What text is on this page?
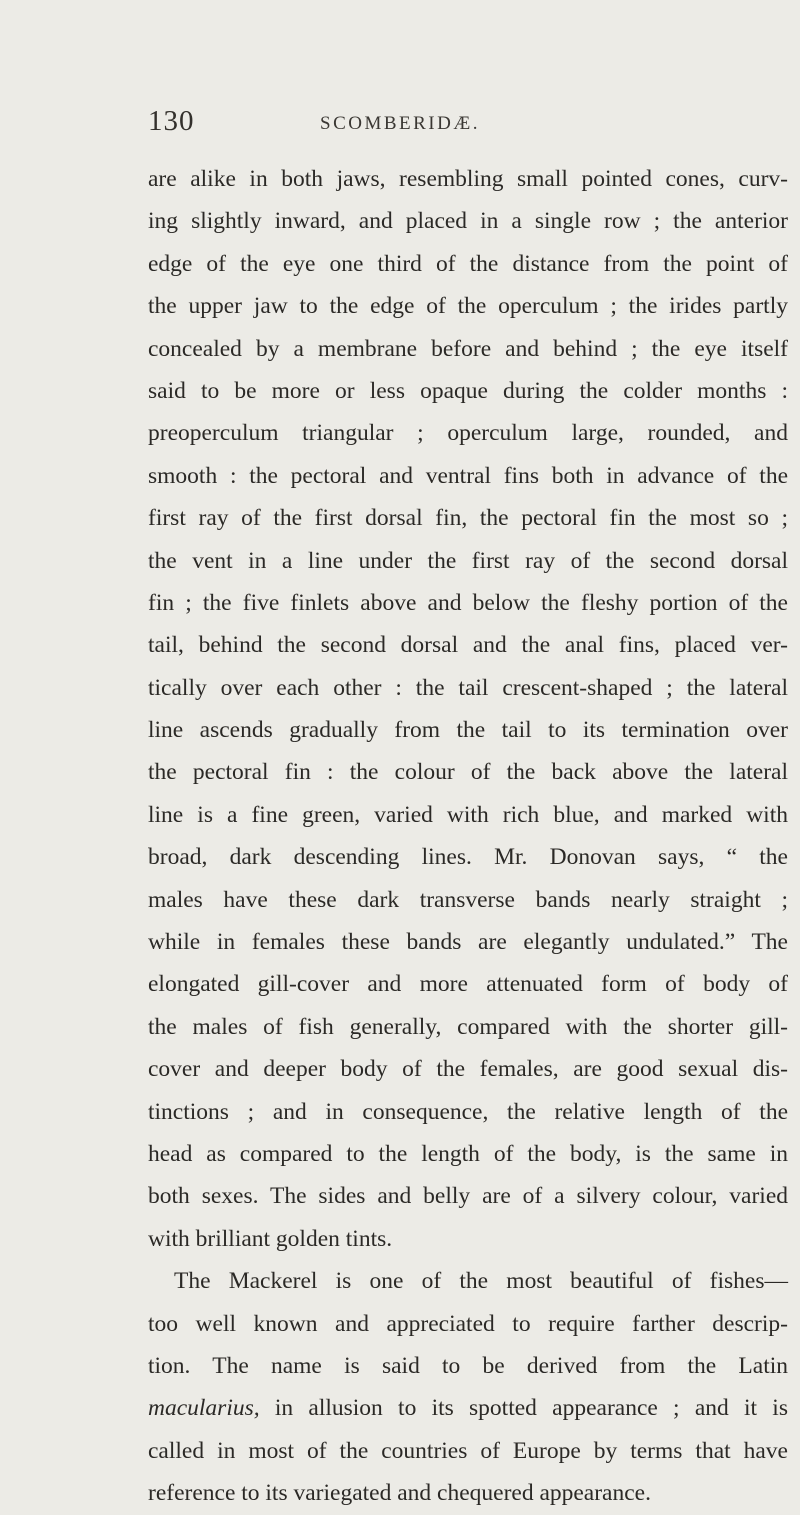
130	SCOMBERIDÆ.
are alike in both jaws, resembling small pointed cones, curv-
ing slightly inward, and placed in a single row ; the anterior
edge of the eye one third of the distance from the point of
the upper jaw to the edge of the operculum ; the irides partly
concealed by a membrane before and behind ; the eye itself
said to be more or less opaque during the colder months :
preoperculum triangular ; operculum large, rounded, and
smooth : the pectoral and ventral fins both in advance of the
first ray of the first dorsal fin, the pectoral fin the most so ;
the vent in a line under the first ray of the second dorsal
fin ; the five finlets above and below the fleshy portion of the
tail, behind the second dorsal and the anal fins, placed ver-
tically over each other : the tail crescent-shaped ; the lateral
line ascends gradually from the tail to its termination over
the pectoral fin : the colour of the back above the lateral
line is a fine green, varied with rich blue, and marked with
broad, dark descending lines. Mr. Donovan says, “ the
males have these dark transverse bands nearly straight ;
while in females these bands are elegantly undulated.” The
elongated gill-cover and more attenuated form of body of
the males of fish generally, compared with the shorter gill-
cover and deeper body of the females, are good sexual dis-
tinctions ; and in consequence, the relative length of the
head as compared to the length of the body, is the same in
both sexes. The sides and belly are of a silvery colour, varied
with brilliant golden tints.
The Mackerel is one of the most beautiful of fishes—
too well known and appreciated to require farther descrip-
tion. The name is said to be derived from the Latin
macularius, in allusion to its spotted appearance ; and it is
called in most of the countries of Europe by terms that have
reference to its variegated and chequered appearance.
